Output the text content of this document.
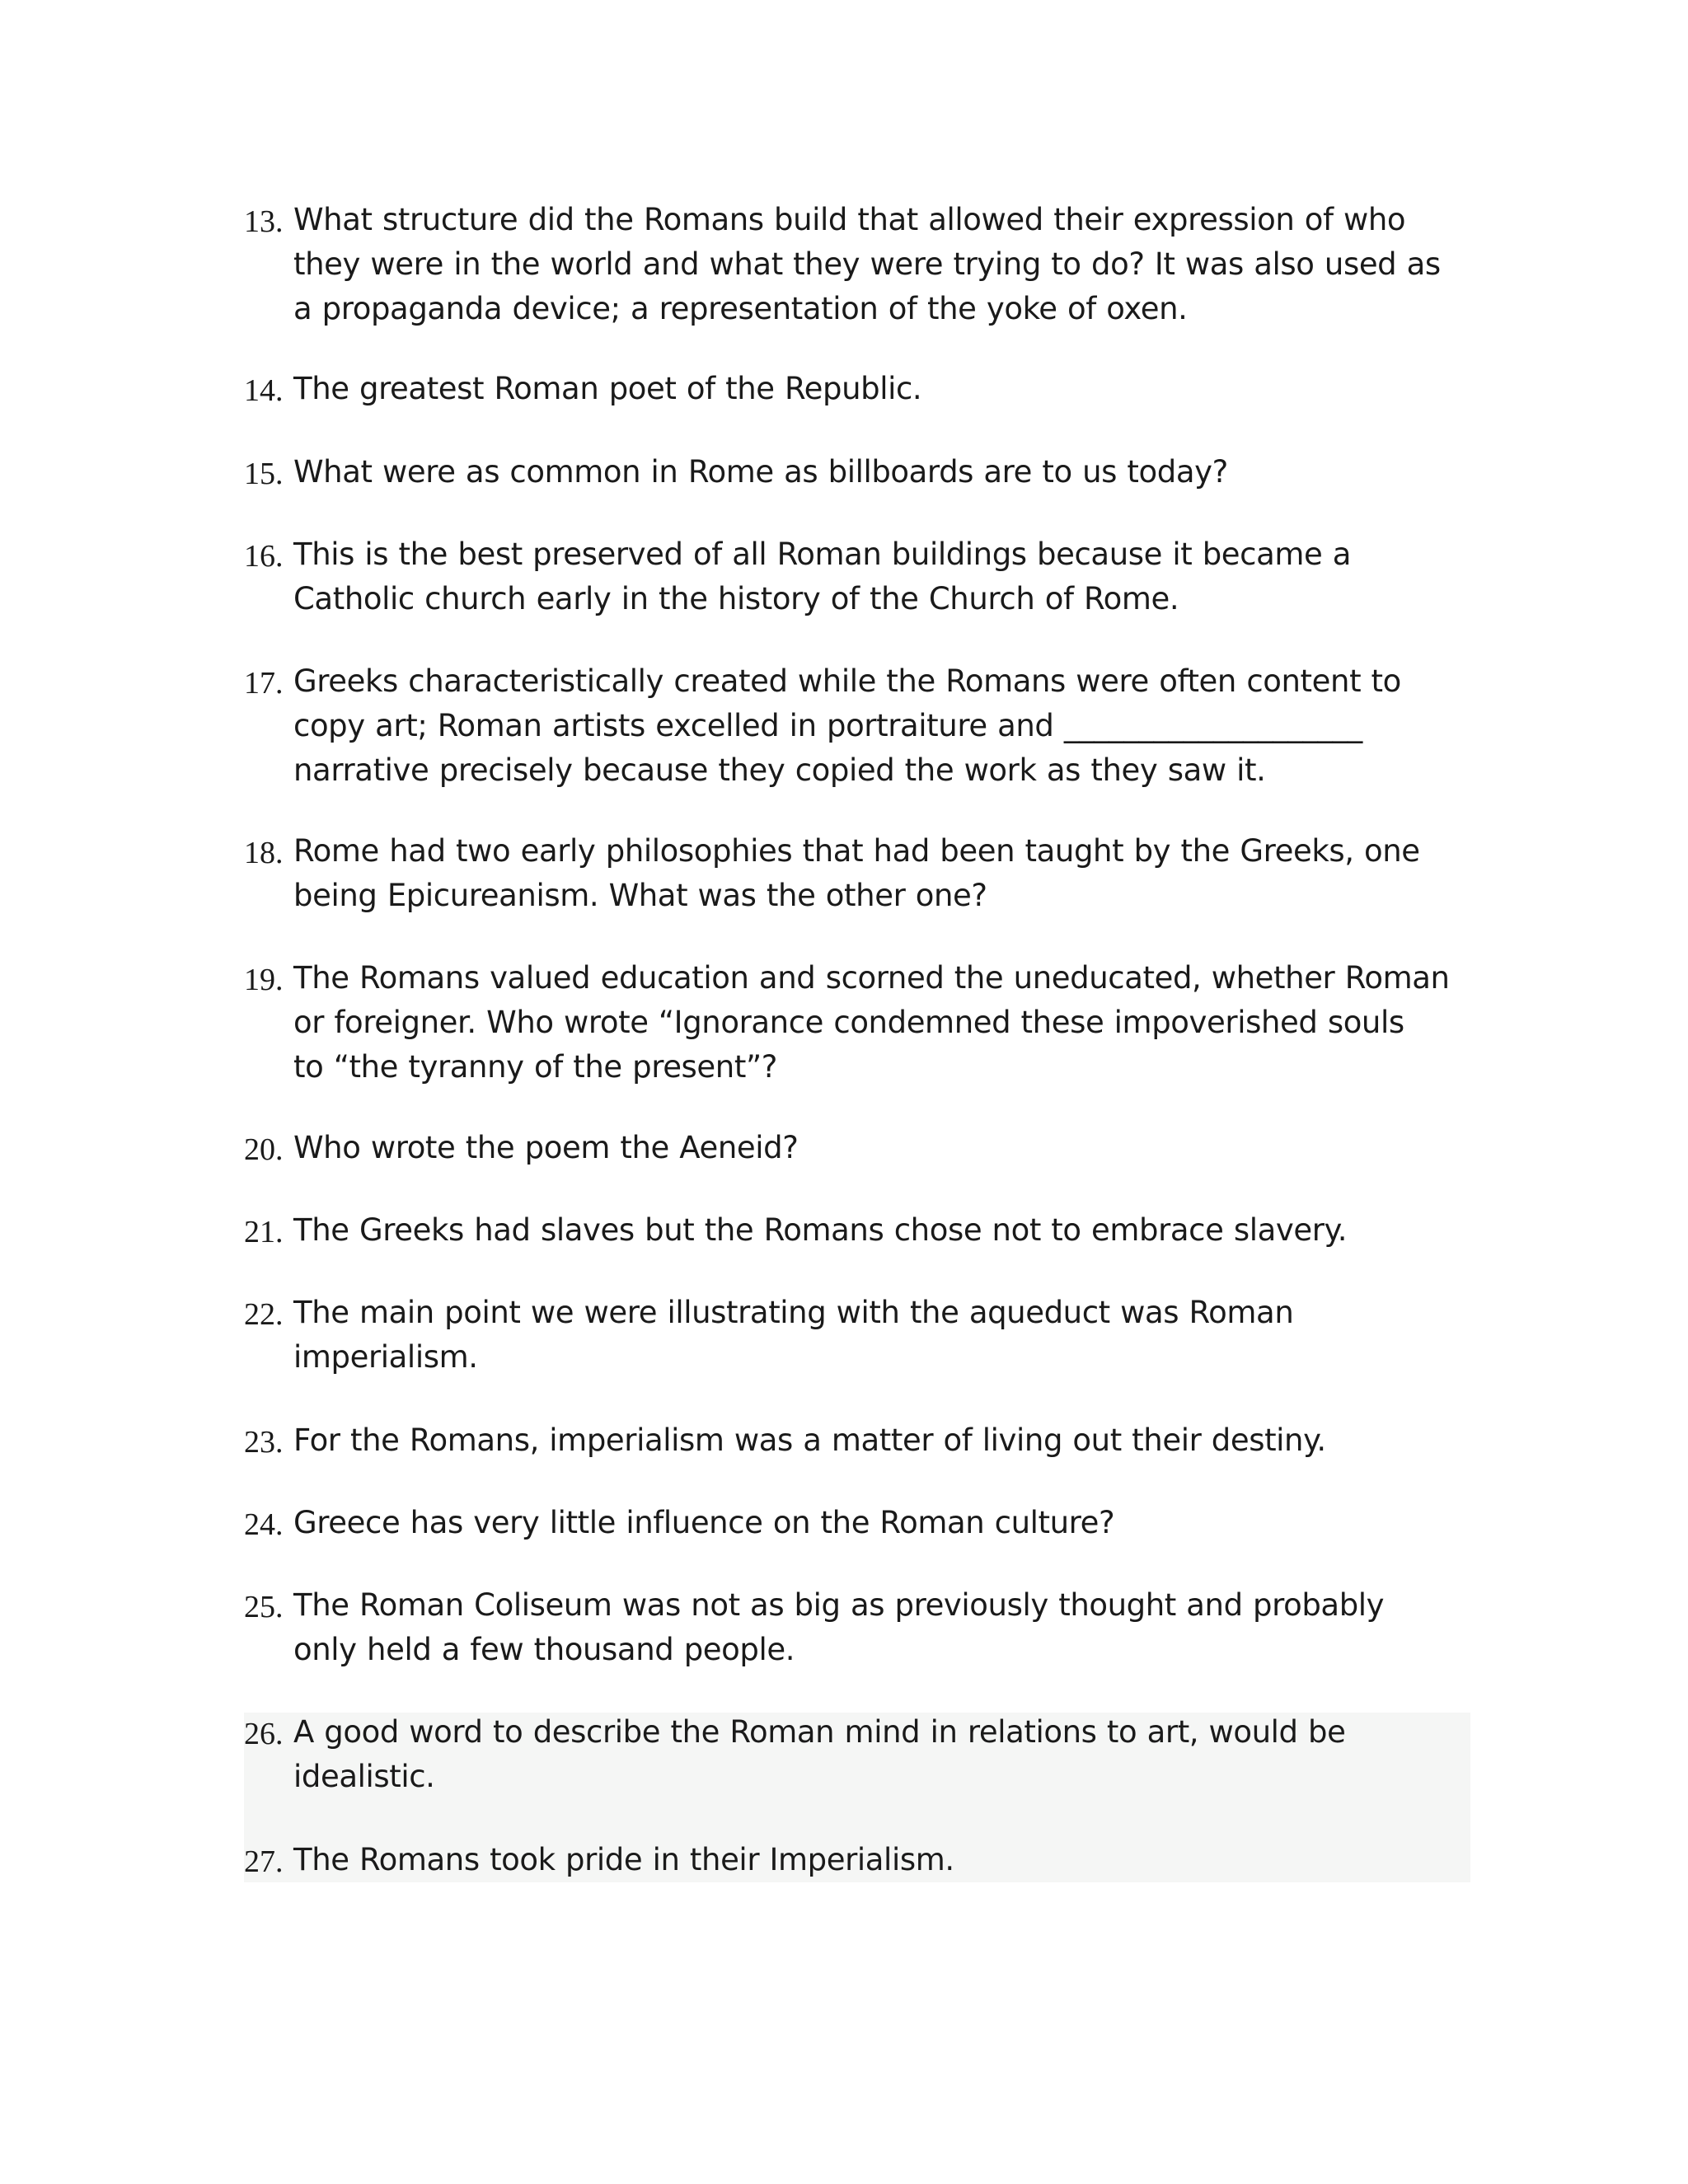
13. What structure did the Romans build that allowed their expression of who
they were in the world and what they were trying to do? It was also used as
a propaganda device; a representation of the yoke of oxen.
14. The greatest Roman poet of the Republic.
15. What were as common in Rome as billboards are to us today?
16. This is the best preserved of all Roman buildings because it became a
Catholic church early in the history of the Church of Rome.
17. Greeks characteristically created while the Romans were often content to
copy art; Roman artists excelled in portraiture and ____________________
narrative precisely because they copied the work as they saw it.
18. Rome had two early philosophies that had been taught by the Greeks, one
being Epicureanism. What was the other one?
19. The Romans valued education and scorned the uneducated, whether Roman
or foreigner. Who wrote “Ignorance condemned these impoverished souls
to “the tyranny of the present”?
20. Who wrote the poem the Aeneid?
21. The Greeks had slaves but the Romans chose not to embrace slavery.
22. The main point we were illustrating with the aqueduct was Roman
imperialism.
23. For the Romans, imperialism was a matter of living out their destiny.
24. Greece has very little influence on the Roman culture?
25. The Roman Coliseum was not as big as previously thought and probably
only held a few thousand people.
26. A good word to describe the Roman mind in relations to art, would be
idealistic.
27. The Romans took pride in their Imperialism.
